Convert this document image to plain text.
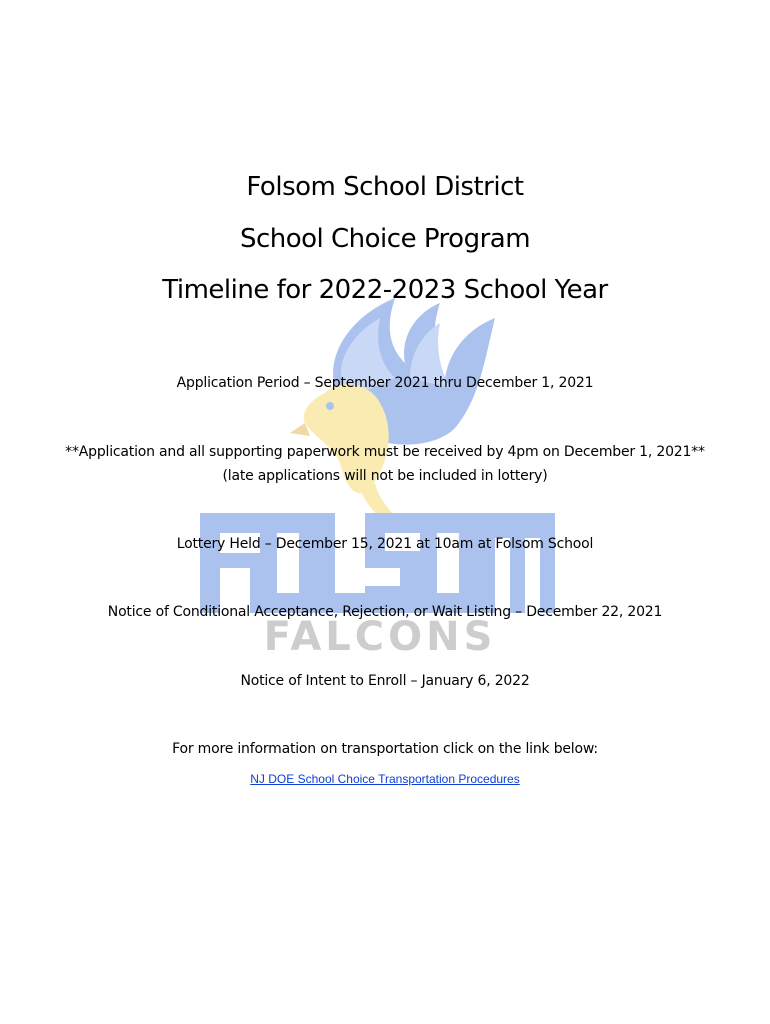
FALCONS
Folsom School District
School Choice Program
Timeline for 2022-2023 School Year
Application Period – September 2021 thru December 1, 2021
**Application and all supporting paperwork must be received by 4pm on December 1, 2021**
(late applications will not be included in lottery)
Lottery Held – December 15, 2021 at 10am at Folsom School
Notice of Conditional Acceptance, Rejection, or Wait Listing – December 22, 2021
Notice of Intent to Enroll – January 6, 2022
For more information on transportation click on the link below:
NJ DOE School Choice Transportation Procedures
